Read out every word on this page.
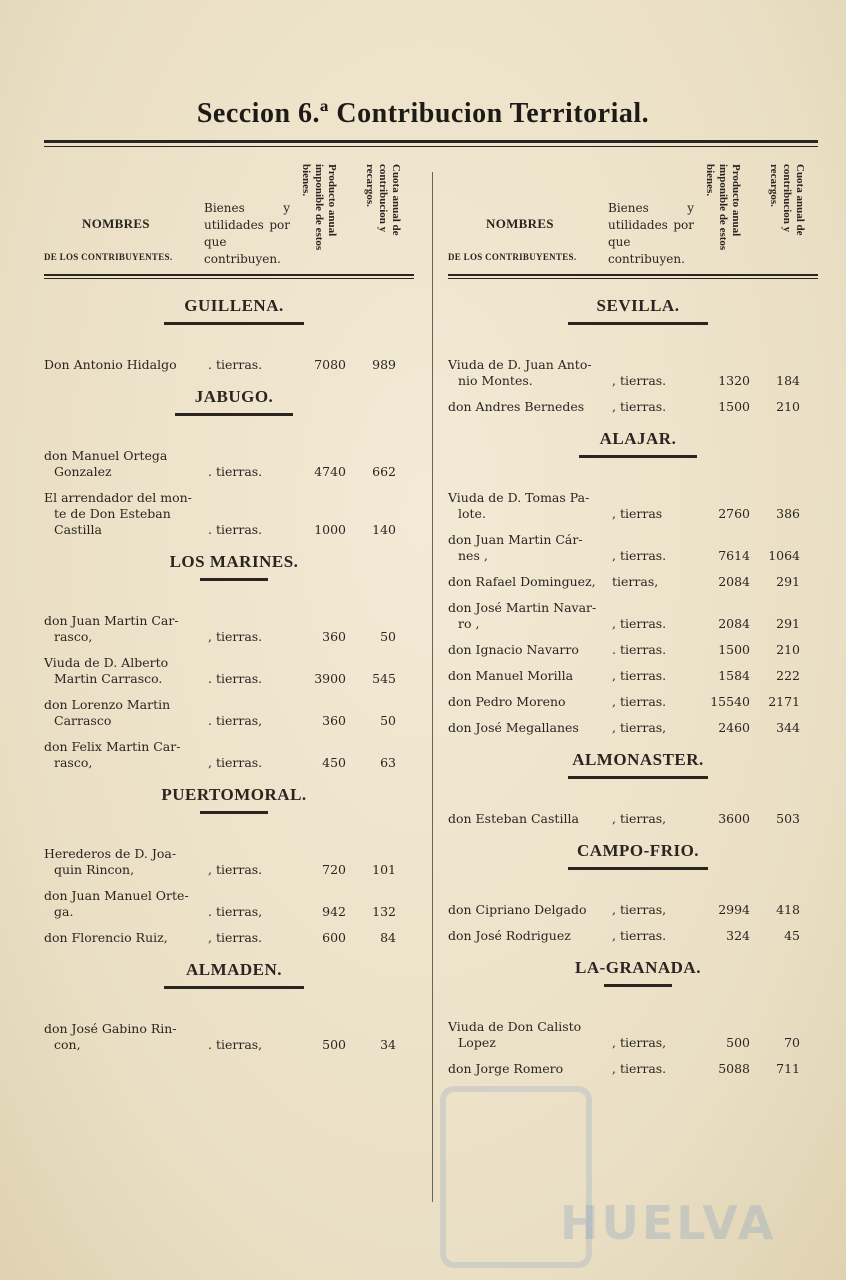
Seccion 6.ª Contribucion Territorial.
NOMBRES
DE LOS CONTRIBUYENTES.
Bienes y utilidades por que contribuyen.
Producto anual imponible de estos bienes.	Cuota anual de contribucion y recargos.
GUILLENA.
Don Antonio Hidalgo	. tierras.	7080	989
JABUGO.
don Manuel Ortega
Gonzalez	. tierras.	4740	662
El arrendador del mon-
te de Don Esteban
Castilla	. tierras.	1000	140
LOS MARINES.
don Juan Martin Car-
rasco,	, tierras.	360	50
Viuda de D. Alberto
Martin Carrasco.	. tierras.	3900	545
don Lorenzo Martin
Carrasco	. tierras,	360	50
don Felix Martin Car-
rasco,	, tierras.	450	63
PUERTOMORAL.
Herederos de D. Joa-
quin Rincon,	, tierras.	720	101
don Juan Manuel Orte-
ga.	. tierras,	942	132
don Florencio Ruiz,	, tierras.	600	84
ALMADEN.
don José Gabino Rin-
con,	. tierras,	500	34
NOMBRES
DE LOS CONTRIBUYENTES.
Bienes y utilidades por que contribuyen.
Producto anual imponible de estos bienes.	Cuota anual de contribucion y recargos.
SEVILLA.
Viuda de D. Juan Anto-
nio Montes.	, tierras.	1320	184
don Andres Bernedes	, tierras.	1500	210
ALAJAR.
Viuda de D. Tomas Pa-
lote.	, tierras	2760	386
don Juan Martin Cár-
nes ,	, tierras.	7614	1064
don Rafael Dominguez,	tierras,	2084	291
don José Martin Navar-
ro ,	, tierras.	2084	291
don Ignacio Navarro	. tierras.	1500	210
don Manuel Morilla	, tierras.	1584	222
don Pedro Moreno	, tierras.	15540	2171
don José Megallanes	, tierras,	2460	344
ALMONASTER.
don Esteban Castilla	, tierras,	3600	503
CAMPO-FRIO.
don Cipriano Delgado	, tierras,	2994	418
don José Rodriguez	, tierras.	324	45
LA-GRANADA.
Viuda de Don Calisto
Lopez	, tierras,	500	70
don Jorge Romero	, tierras.	5088	711
HUELVA
